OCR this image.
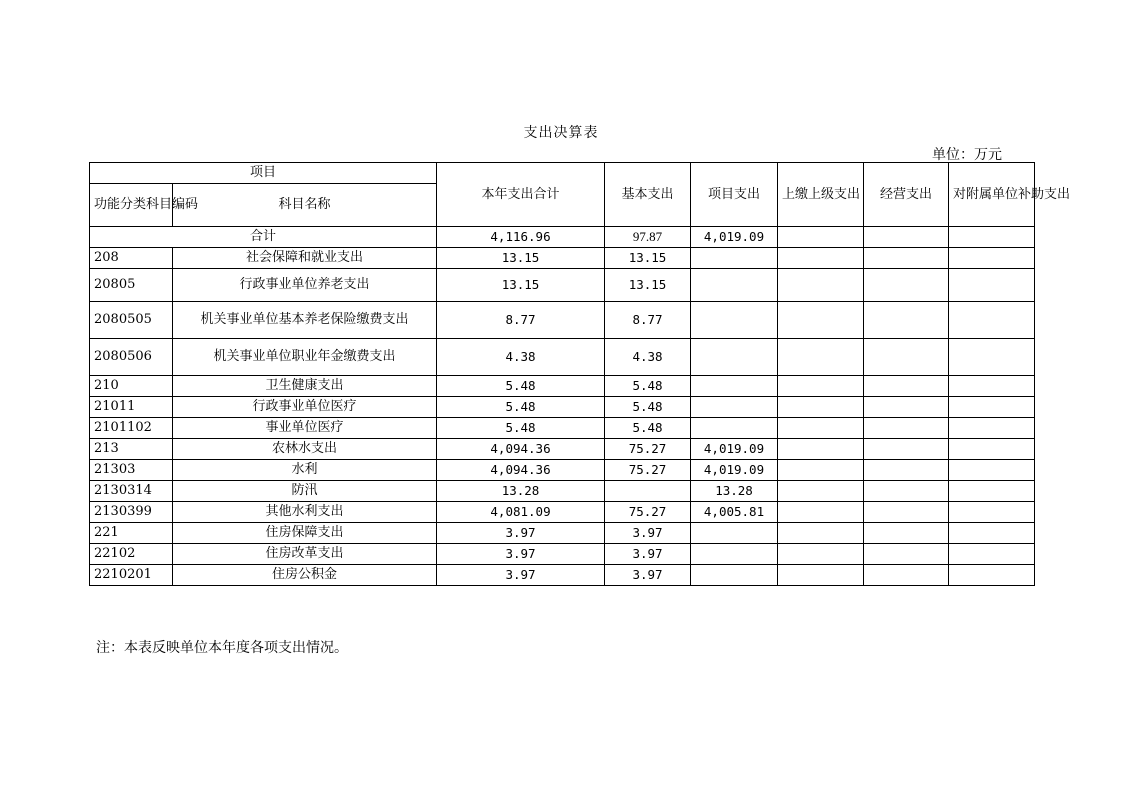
支出决算表
单位：万元
项目		本年支出合计	基本支出	项目支出	上缴上级支出	经营支出	对附属单位补助支出
功能分类科目编码	科目名称						
合计		4,116.96	97.87	4,019.09			
208	社会保障和就业支出	13.15	13.15				
20805	行政事业单位养老支出	13.15	13.15				
2080505	机关事业单位基本养老保险缴费支出	8.77	8.77				
2080506	机关事业单位职业年金缴费支出	4.38	4.38				
210	卫生健康支出	5.48	5.48				
21011	行政事业单位医疗	5.48	5.48				
2101102	事业单位医疗	5.48	5.48				
213	农林水支出	4,094.36	75.27	4,019.09			
21303	水利	4,094.36	75.27	4,019.09			
2130314	防汛	13.28		13.28			
2130399	其他水利支出	4,081.09	75.27	4,005.81			
221	住房保障支出	3.97	3.97				
22102	住房改革支出	3.97	3.97				
2210201	住房公积金	3.97	3.97				
注：本表反映单位本年度各项支出情况。
